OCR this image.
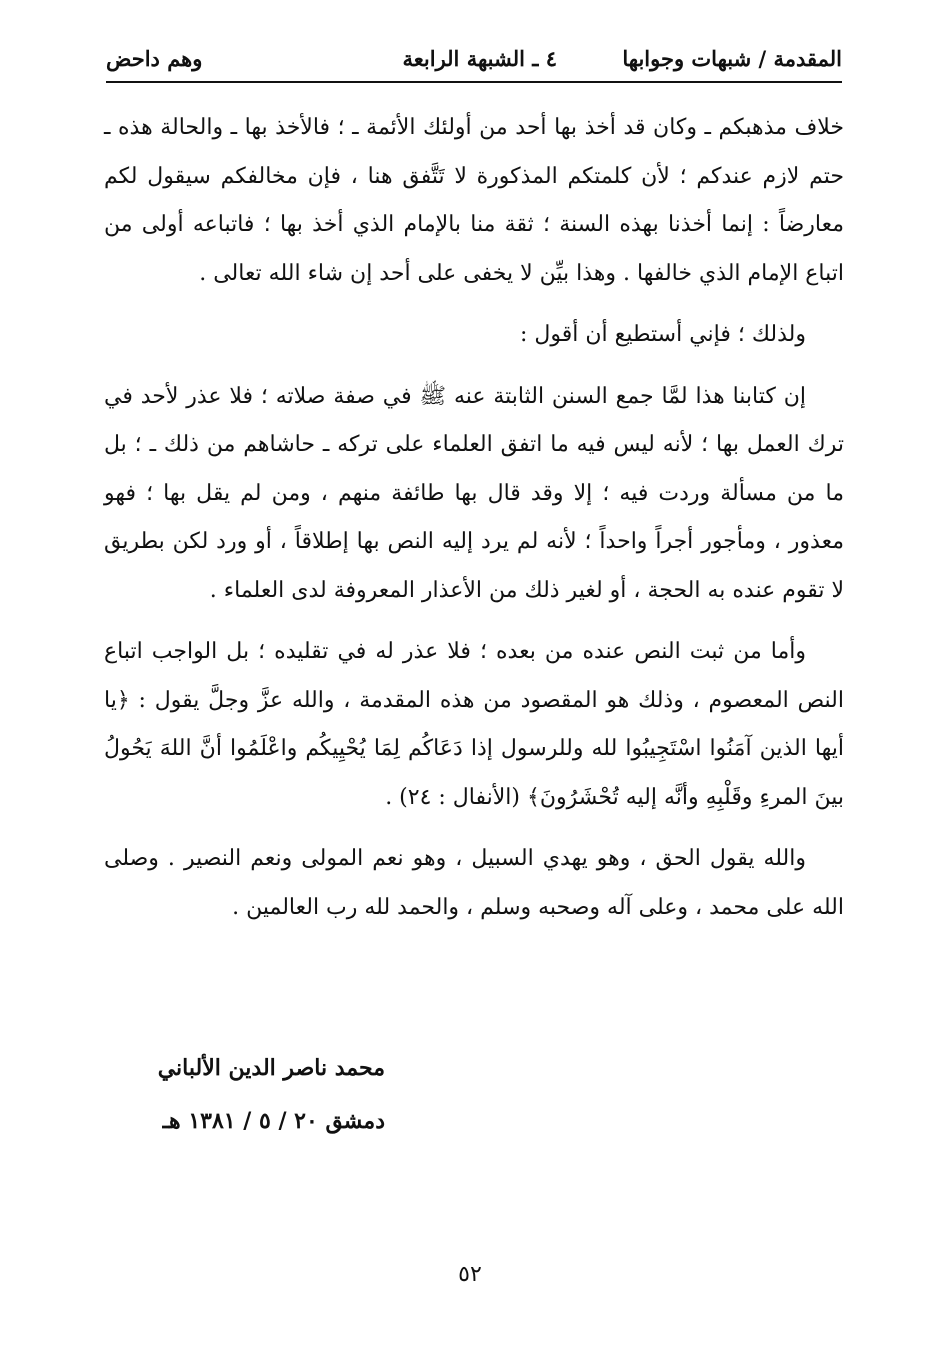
المقدمة / شبهات وجوابها
٤ ـ الشبهة الرابعة
وهم داحض

خلاف مذهبكم ـ وكان قد أخذ بها أحد من أولئك الأئمة ـ ؛ فالأخذ بها ـ والحالة هذه ـ حتم لازم عندكم ؛ لأن كلمتكم المذكورة لا تَتَّفق هنا ، فإن مخالفكم سيقول لكم معارضاً : إنما أخذنا بهذه السنة ؛ ثقة منا بالإمام الذي أخذ بها ؛ فاتباعه أولى من اتباع الإمام الذي خالفها . وهذا بيِّن لا يخفى على أحد إن شاء الله تعالى .

ولذلك ؛ فإني أستطيع أن أقول :

إن كتابنا هذا لمَّا جمع السنن الثابتة عنه ﷺ في صفة صلاته ؛ فلا عذر لأحد في ترك العمل بها ؛ لأنه ليس فيه ما اتفق العلماء على تركه ـ حاشاهم من ذلك ـ ؛ بل ما من مسألة وردت فيه ؛ إلا وقد قال بها طائفة منهم ، ومن لم يقل بها ؛ فهو معذور ، ومأجور أجراً واحداً ؛ لأنه لم يرد إليه النص بها إطلاقاً ، أو ورد لكن بطريق لا تقوم عنده به الحجة ، أو لغير ذلك من الأعذار المعروفة لدى العلماء .

وأما من ثبت النص عنده من بعده ؛ فلا عذر له في تقليده ؛ بل الواجب اتباع النص المعصوم ، وذلك هو المقصود من هذه المقدمة ، والله عزَّ وجلَّ يقول : ﴿يا أيها الذين آمَنُوا اسْتَجِيبُوا لله وللرسول إذا دَعَاكُم لِمَا يُحْيِيكُم واعْلَمُوا أنَّ اللهَ يَحُولُ بينَ المرءِ وقَلْبِهِ وأنَّه إليه تُحْشَرُونَ﴾ (الأنفال : ٢٤) .

والله يقول الحق ، وهو يهدي السبيل ، وهو نعم المولى ونعم النصير . وصلى الله على محمد ، وعلى آله وصحبه وسلم ، والحمد لله رب العالمين .

محمد ناصر الدين الألباني
دمشق ٢٠ / ٥ / ١٣٨١ هـ
٥٢
